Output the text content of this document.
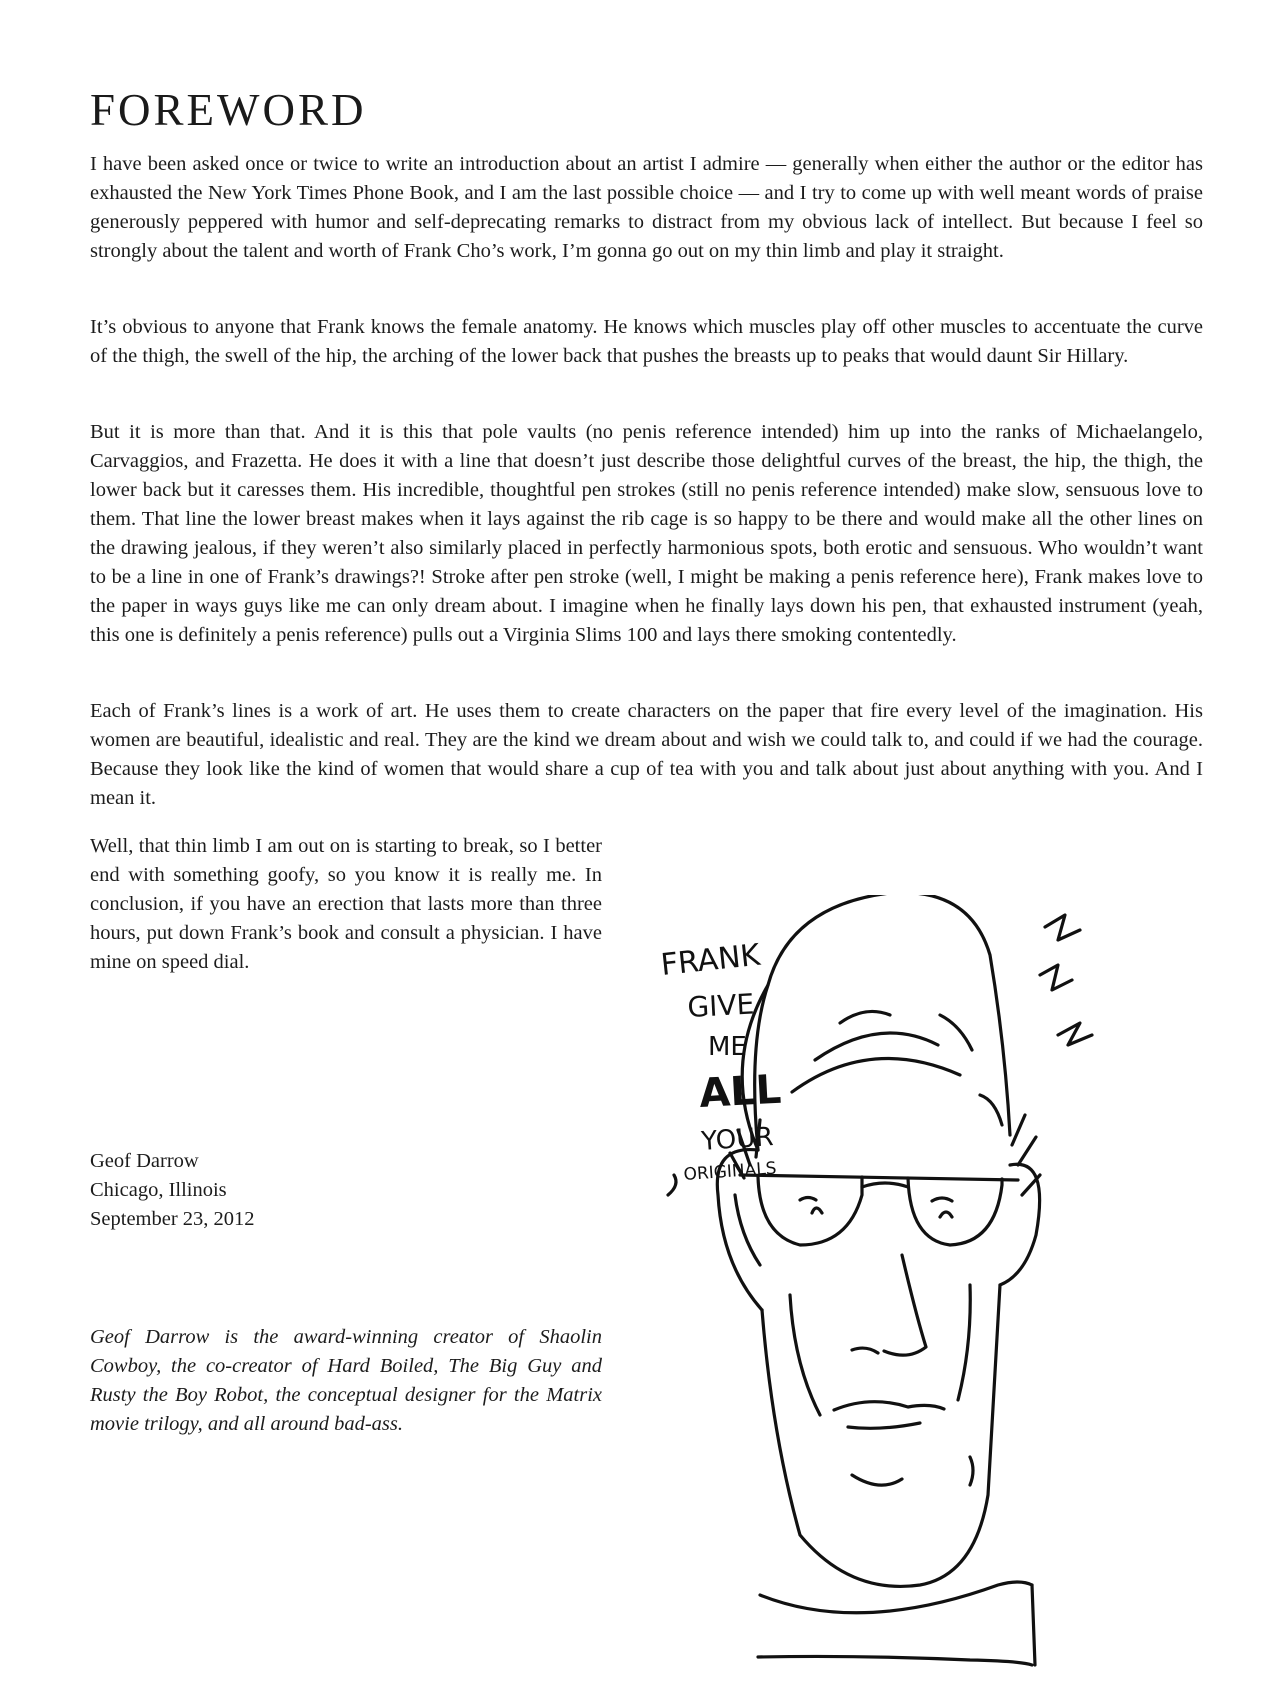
FOREWORD

I have been asked once or twice to write an introduction about an artist I admire — generally when either the author or the editor has exhausted the New York Times Phone Book, and I am the last possible choice — and I try to come up with well meant words of praise generously peppered with humor and self-deprecating remarks to distract from my obvious lack of intellect. But because I feel so strongly about the talent and worth of Frank Cho’s work, I’m gonna go out on my thin limb and play it straight.

It’s obvious to anyone that Frank knows the female anatomy. He knows which muscles play off other muscles to accentuate the curve of the thigh, the swell of the hip, the arching of the lower back that pushes the breasts up to peaks that would daunt Sir Hillary.

But it is more than that. And it is this that pole vaults (no penis reference intended) him up into the ranks of Michaelangelo, Carvaggios, and Frazetta. He does it with a line that doesn’t just describe those delightful curves of the breast, the hip, the thigh, the lower back but it caresses them. His incredible, thoughtful pen strokes (still no penis reference intended) make slow, sensuous love to them. That line the lower breast makes when it lays against the rib cage is so happy to be there and would make all the other lines on the drawing jealous, if they weren’t also similarly placed in perfectly harmonious spots, both erotic and sensuous. Who wouldn’t want to be a line in one of Frank’s drawings?! Stroke after pen stroke (well, I might be making a penis reference here), Frank makes love to the paper in ways guys like me can only dream about. I imagine when he finally lays down his pen, that exhausted instrument (yeah, this one is definitely a penis reference) pulls out a Virginia Slims 100 and lays there smoking contentedly.

Each of Frank’s lines is a work of art. He uses them to create characters on the paper that fire every level of the imagination. His women are beautiful, idealistic and real. They are the kind we dream about and wish we could talk to, and could if we had the courage. Because they look like the kind of women that would share a cup of tea with you and talk about just about anything with you. And I mean it.

Well, that thin limb I am out on is starting to break, so I better end with something goofy, so you know it is really me. In conclusion, if you have an erection that lasts more than three hours, put down Frank’s book and consult a physician. I have mine on speed dial.

Geof Darrow
Chicago, Illinois
September 23, 2012

Geof Darrow is the award-winning creator of Shaolin Cowboy, the co-creator of Hard Boiled, The Big Guy and Rusty the Boy Robot, the conceptual designer for the Matrix movie trilogy, and all around bad-ass.

FRANK
GIVE
ME
ALL
YOUR
ORIGINALS
